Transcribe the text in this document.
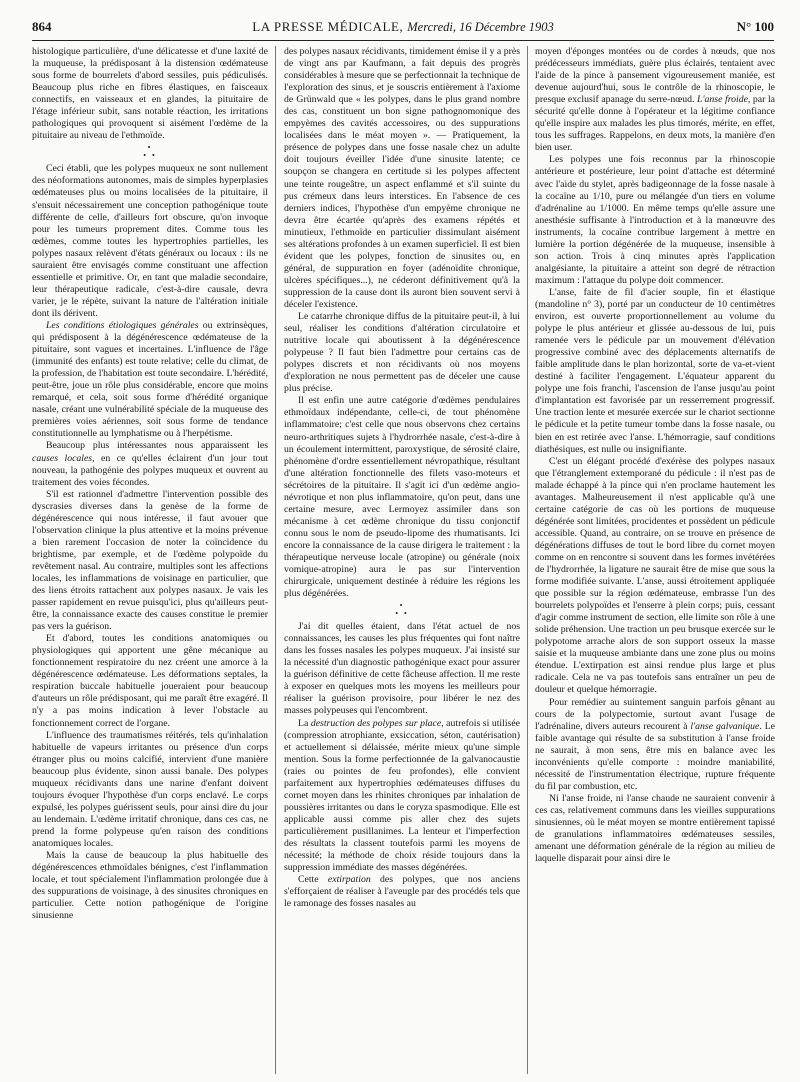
864	LA PRESSE MÉDICALE, Mercredi, 16 Décembre 1903	N° 100

histologique particulière, d'une délicatesse et d'une laxité de la muqueuse, la prédisposant à la distension œdémateuse sous forme de bourrelets d'abord sessiles, puis pédiculisés. Beaucoup plus riche en fibres élastiques, en faisceaux connectifs, en vaisseaux et en glandes, la pituitaire de l'étage inférieur subit, sans notable réaction, les irritations pathologiques qui provoquent si aisément l'œdème de la pituitaire au niveau de l'ethmoïde.

•
• •

Ceci établi, que les polypes muqueux ne sont nullement des néoformations autonomes, mais de simples hyperplasies œdémateuses plus ou moins localisées de la pituitaire, il s'ensuit nécessairement une conception pathogénique toute différente de celle, d'ailleurs fort obscure, qu'on invoque pour les tumeurs proprement dites. Comme tous les œdèmes, comme toutes les hypertrophies partielles, les polypes nasaux relèvent d'états généraux ou locaux : ils ne sauraient être envisagés comme constituant une affection essentielle et primitive. Or, en tant que maladie secondaire, leur thérapeutique radicale, c'est-à-dire causale, devra varier, je le répète, suivant la nature de l'altération initiale dont ils dérivent.

Les conditions étiologiques générales ou extrinsèques, qui prédisposent à la dégénérescence œdémateuse de la pituitaire, sont vagues et incertaines. L'influence de l'âge (immunité des enfants) est toute relative; celle du climat, de la profession, de l'habitation est toute secondaire. L'hérédité, peut-être, joue un rôle plus considérable, encore que moins remarqué, et cela, soit sous forme d'hérédité organique nasale, créant une vulnérabilité spéciale de la muqueuse des premières voies aériennes, soit sous forme de tendance constitutionnelle au lymphatisme ou à l'herpétisme.

Beaucoup plus intéressantes nous apparaissent les causes locales, en ce qu'elles éclairent d'un jour tout nouveau, la pathogénie des polypes muqueux et ouvrent au traitement des voies fécondes.

S'il est rationnel d'admettre l'intervention possible des dyscrasies diverses dans la genèse de la forme de dégénérescence qui nous intéresse, il faut avouer que l'observation clinique la plus attentive et la moins prévenue a bien rarement l'occasion de noter la coïncidence du brightisme, par exemple, et de l'œdème polypoïde du revêtement nasal. Au contraire, multiples sont les affections locales, les inflammations de voisinage en particulier, que des liens étroits rattachent aux polypes nasaux. Je vais les passer rapidement en revue puisqu'ici, plus qu'ailleurs peut-être, la connaissance exacte des causes constitue le premier pas vers la guérison.

Et d'abord, toutes les conditions anatomiques ou physiologiques qui apportent une gêne mécanique au fonctionnement respiratoire du nez créent une amorce à la dégénérescence œdémateuse. Les déformations septales, la respiration buccale habituelle joueraient pour beaucoup d'auteurs un rôle prédisposant, qui me paraît être exagéré. Il n'y a pas moins indication à lever l'obstacle au fonctionnement correct de l'organe.

L'influence des traumatismes réitérés, tels qu'inhalation habituelle de vapeurs irritantes ou présence d'un corps étranger plus ou moins calcifié, intervient d'une manière beaucoup plus évidente, sinon aussi banale. Des polypes muqueux récidivants dans une narine d'enfant doivent toujours évoquer l'hypothèse d'un corps enclavé. Le corps expulsé, les polypes guérissent seuls, pour ainsi dire du jour au lendemain. L'œdème irritatif chronique, dans ces cas, ne prend la forme polypeuse qu'en raison des conditions anatomiques locales.

Mais la cause de beaucoup la plus habituelle des dégénérescences ethmoïdales bénignes, c'est l'inflammation locale, et tout spécialement l'inflammation prolongée due à des suppurations de voisinage, à des sinusites chroniques en particulier. Cette notion pathogénique de l'origine sinusienne

des polypes nasaux récidivants, timidement émise il y a près de vingt ans par Kaufmann, a fait depuis des progrès considérables à mesure que se perfectionnait la technique de l'exploration des sinus, et je souscris entièrement à l'axiome de Grünwald que « les polypes, dans le plus grand nombre des cas, constituent un bon signe pathognomonique des empyèmes des cavités accessoires, ou des suppurations localisées dans le méat moyen ». — Pratiquement, la présence de polypes dans une fosse nasale chez un adulte doit toujours éveiller l'idée d'une sinusite latente; ce soupçon se changera en certitude si les polypes affectent une teinte rougeâtre, un aspect enflammé et s'il suinte du pus crémeux dans leurs interstices. En l'absence de ces derniers indices, l'hypothèse d'un empyème chronique ne devra être écartée qu'après des examens répétés et minutieux, l'ethmoïde en particulier dissimulant aisément ses altérations profondes à un examen superficiel. Il est bien évident que les polypes, fonction de sinusites ou, en général, de suppuration en foyer (adénoïdite chronique, ulcères spécifiques...), ne céderont définitivement qu'à la suppression de la cause dont ils auront bien souvent servi à déceler l'existence.

Le catarrhe chronique diffus de la pituitaire peut-il, à lui seul, réaliser les conditions d'altération circulatoire et nutritive locale qui aboutissent à la dégénérescence polypeuse ? Il faut bien l'admettre pour certains cas de polypes discrets et non récidivants où nos moyens d'exploration ne nous permettent pas de déceler une cause plus précise.

Il est enfin une autre catégorie d'œdèmes pendulaires ethmoïdaux indépendante, celle-ci, de tout phénomène inflammatoire; c'est celle que nous observons chez certains neuro-arthritiques sujets à l'hydrorrhée nasale, c'est-à-dire à un écoulement intermittent, paroxystique, de sérosité claire, phénomène d'ordre essentiellement névropathique, résultant d'une altération fonctionnelle des filets vaso-moteurs et sécrétoires de la pituitaire. Il s'agit ici d'un œdème angio-névrotique et non plus inflammatoire, qu'on peut, dans une certaine mesure, avec Lermoyez assimiler dans son mécanisme à cet œdème chronique du tissu conjonctif connu sous le nom de pseudo-lipome des rhumatisants. Ici encore la connaissance de la cause dirigera le traitement : la thérapeutique nerveuse locale (atropine) ou générale (noix vomique-atropine) aura le pas sur l'intervention chirurgicale, uniquement destinée à réduire les régions les plus dégénérées.

•
• •

J'ai dit quelles étaient, dans l'état actuel de nos connaissances, les causes les plus fréquentes qui font naître dans les fosses nasales les polypes muqueux. J'ai insisté sur la nécessité d'un diagnostic pathogénique exact pour assurer la guérison définitive de cette fâcheuse affection. Il me reste à exposer en quelques mots les moyens les meilleurs pour réaliser la guérison provisoire, pour libérer le nez des masses polypeuses qui l'encombrent.

La destruction des polypes sur place, autrefois si utilisée (compression atrophiante, exsiccation, séton, cautérisation) et actuellement si délaissée, mérite mieux qu'une simple mention. Sous la forme perfectionnée de la galvanocaustie (raies ou pointes de feu profondes), elle convient parfaitement aux hypertrophies œdémateuses diffuses du cornet moyen dans les rhinites chroniques par inhalation de poussières irritantes ou dans le coryza spasmodique. Elle est applicable aussi comme pis aller chez des sujets particulièrement pusillanimes. La lenteur et l'imperfection des résultats la classent toutefois parmi les moyens de nécessité; la méthode de choix réside toujours dans la suppression immédiate des masses dégénérées.

Cette extirpation des polypes, que nos anciens s'efforçaient de réaliser à l'aveugle par des procédés tels que le ramonage des fosses nasales au

moyen d'éponges montées ou de cordes à nœuds, que nos prédécesseurs immédiats, guère plus éclairés, tentaient avec l'aide de la pince à pansement vigoureusement maniée, est devenue aujourd'hui, sous le contrôle de la rhinoscopie, le presque exclusif apanage du serre-nœud. L'anse froide, par la sécurité qu'elle donne à l'opérateur et la légitime confiance qu'elle inspire aux malades les plus timorés, mérite, en effet, tous les suffrages. Rappelons, en deux mots, la manière d'en bien user.

Les polypes une fois reconnus par la rhinoscopie antérieure et postérieure, leur point d'attache est déterminé avec l'aide du stylet, après badigeonnage de la fosse nasale à la cocaïne au 1/10, pure ou mélangée d'un tiers en volume d'adrénaline au 1/1000. En même temps qu'elle assure une anesthésie suffisante à l'introduction et à la manœuvre des instruments, la cocaïne contribue largement à mettre en lumière la portion dégénérée de la muqueuse, insensible à son action. Trois à cinq minutes après l'application analgésiante, la pituitaire a atteint son degré de rétraction maximum : l'attaque du polype doit commencer.

L'anse, faite de fil d'acier souple, fin et élastique (mandoline n° 3), porté par un conducteur de 10 centimètres environ, est ouverte proportionnellement au volume du polype le plus antérieur et glissée au-dessous de lui, puis ramenée vers le pédicule par un mouvement d'élévation progressive combiné avec des déplacements alternatifs de faible amplitude dans le plan horizontal, sorte de va-et-vient destiné à faciliter l'engagement. L'équateur apparent du polype une fois franchi, l'ascension de l'anse jusqu'au point d'implantation est favorisée par un resserrement progressif. Une traction lente et mesurée exercée sur le chariot sectionne le pédicule et la petite tumeur tombe dans la fosse nasale, ou bien en est retirée avec l'anse. L'hémorragie, sauf conditions diathésiques, est nulle ou insignifiante.

C'est un élégant procédé d'exérèse des polypes nasaux que l'étranglement extemporané du pédicule : il n'est pas de malade échappé à la pince qui n'en proclame hautement les avantages. Malheureusement il n'est applicable qu'à une certaine catégorie de cas où les portions de muqueuse dégénérée sont limitées, procidentes et possèdent un pédicule accessible. Quand, au contraire, on se trouve en présence de dégénérations diffuses de tout le bord libre du cornet moyen comme on en rencontre si souvent dans les formes invétérées de l'hydrorrhée, la ligature ne saurait être de mise que sous la forme modifiée suivante. L'anse, aussi étroitement appliquée que possible sur la région œdémateuse, embrasse l'un des bourrelets polypoïdes et l'enserre à plein corps; puis, cessant d'agir comme instrument de section, elle limite son rôle à une solide préhension. Une traction un peu brusque exercée sur le polypotome arrache alors de son support osseux la masse saisie et la muqueuse ambiante dans une zone plus ou moins étendue. L'extirpation est ainsi rendue plus large et plus radicale. Cela ne va pas toutefois sans entraîner un peu de douleur et quelque hémorragie.

Pour remédier au suintement sanguin parfois gênant au cours de la polypectomie, surtout avant l'usage de l'adrénaline, divers auteurs recourent à l'anse galvanique. Le faible avantage qui résulte de sa substitution à l'anse froide ne saurait, à mon sens, être mis en balance avec les inconvénients qu'elle comporte : moindre maniabilité, nécessité de l'instrumentation électrique, rupture fréquente du fil par combustion, etc.

Ni l'anse froide, ni l'anse chaude ne sauraient convenir à ces cas, relativement communs dans les vieilles suppurations sinusiennes, où le méat moyen se montre entièrement tapissé de granulations inflammatoires œdémateuses sessiles, amenant une déformation générale de la région au milieu de laquelle disparait pour ainsi dire le
